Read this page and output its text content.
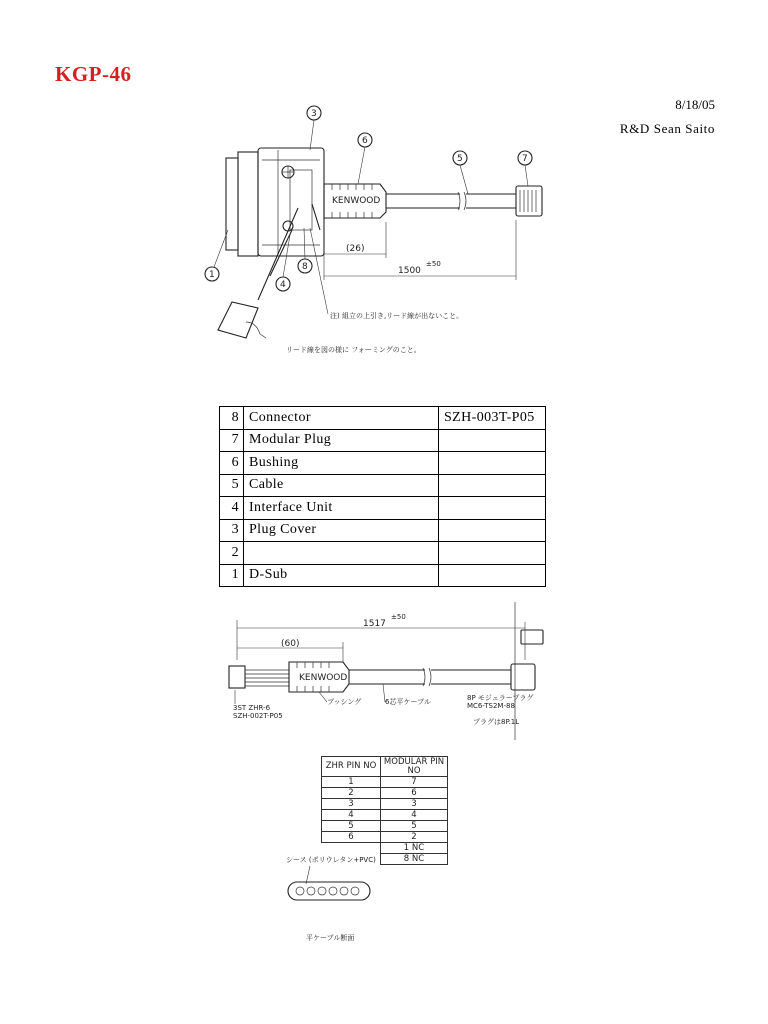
KGP-46
8/18/05
R&D Sean Saito
KENWOOD
(26)
1500
±50
3
6
5	7
1
4
8
注) 組立の上引き,リード線が出ないこと。
リード線を図の様に フォーミングのこと。
8	Connector	SZH-003T-P05
7	Modular Plug	
6	Bushing	
5	Cable	
4	Interface Unit	
3	Plug Cover	
2		
1	D-Sub	
1517
±50
(60)
KENWOOD
3ST ZHR-6
SZH-002T-P05
ブッシング	6芯平ケーブル	8P モジュラープラグ
MC6-TS2M-88
プラグは8P.1L
ZHR PIN NO	MODULAR PIN NO
1	7
2	6
3	3
4	4
5	5
6	2
	1 NC
	8 NC
シース (ポリウレタン+PVC)
平ケーブル断面
